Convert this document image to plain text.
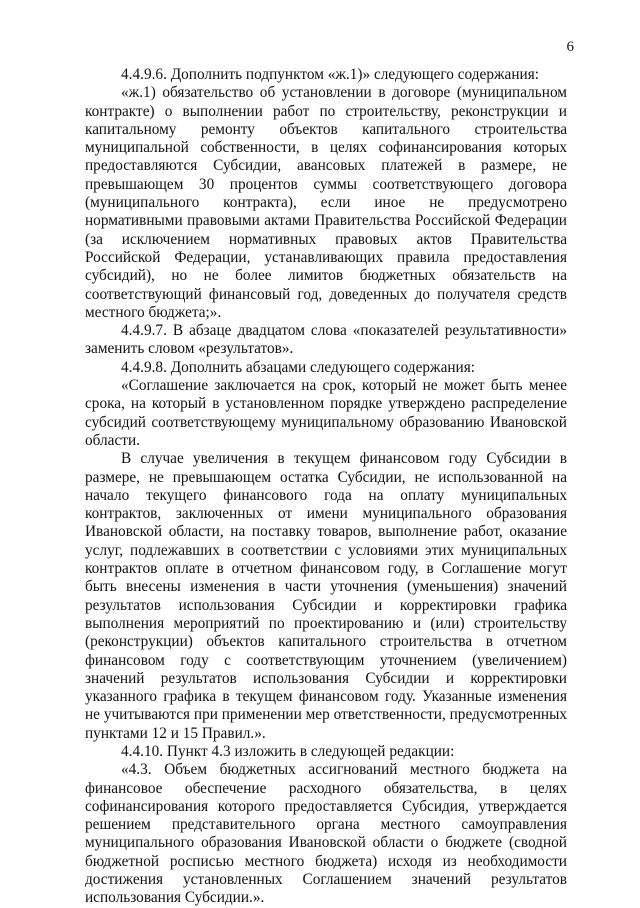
6

4.4.9.6. Дополнить подпунктом «ж.1)» следующего содержания:

«ж.1) обязательство об установлении в договоре (муниципальном контракте) о выполнении работ по строительству, реконструкции и капитальному ремонту объектов капитального строительства муниципальной собственности, в целях софинансирования которых предоставляются Субсидии, авансовых платежей в размере, не превышающем 30 процентов суммы соответствующего договора (муниципального контракта), если иное не предусмотрено нормативными правовыми актами Правительства Российской Федерации (за исключением нормативных правовых актов Правительства Российской Федерации, устанавливающих правила предоставления субсидий), но не более лимитов бюджетных обязательств на соответствующий финансовый год, доведенных до получателя средств местного бюджета;».

4.4.9.7. В абзаце двадцатом слова «показателей результативности» заменить словом «результатов».

4.4.9.8. Дополнить абзацами следующего содержания:

«Соглашение заключается на срок, который не может быть менее срока, на который в установленном порядке утверждено распределение субсидий соответствующему муниципальному образованию Ивановской области.

В случае увеличения в текущем финансовом году Субсидии в размере, не превышающем остатка Субсидии, не использованной на начало текущего финансового года на оплату муниципальных контрактов, заключенных от имени муниципального образования Ивановской области, на поставку товаров, выполнение работ, оказание услуг, подлежавших в соответствии с условиями этих муниципальных контрактов оплате в отчетном финансовом году, в Соглашение могут быть внесены изменения в части уточнения (уменьшения) значений результатов использования Субсидии и корректировки графика выполнения мероприятий по проектированию и (или) строительству (реконструкции) объектов капитального строительства в отчетном финансовом году с соответствующим уточнением (увеличением) значений результатов использования Субсидии и корректировки указанного графика в текущем финансовом году. Указанные изменения не учитываются при применении мер ответственности, предусмотренных пунктами 12 и 15 Правил.».

4.4.10. Пункт 4.3 изложить в следующей редакции:

«4.3. Объем бюджетных ассигнований местного бюджета на финансовое обеспечение расходного обязательства, в целях софинансирования которого предоставляется Субсидия, утверждается решением представительного органа местного самоуправления муниципального образования Ивановской области о бюджете (сводной бюджетной росписью местного бюджета) исходя из необходимости достижения установленных Соглашением значений результатов использования Субсидии.».
